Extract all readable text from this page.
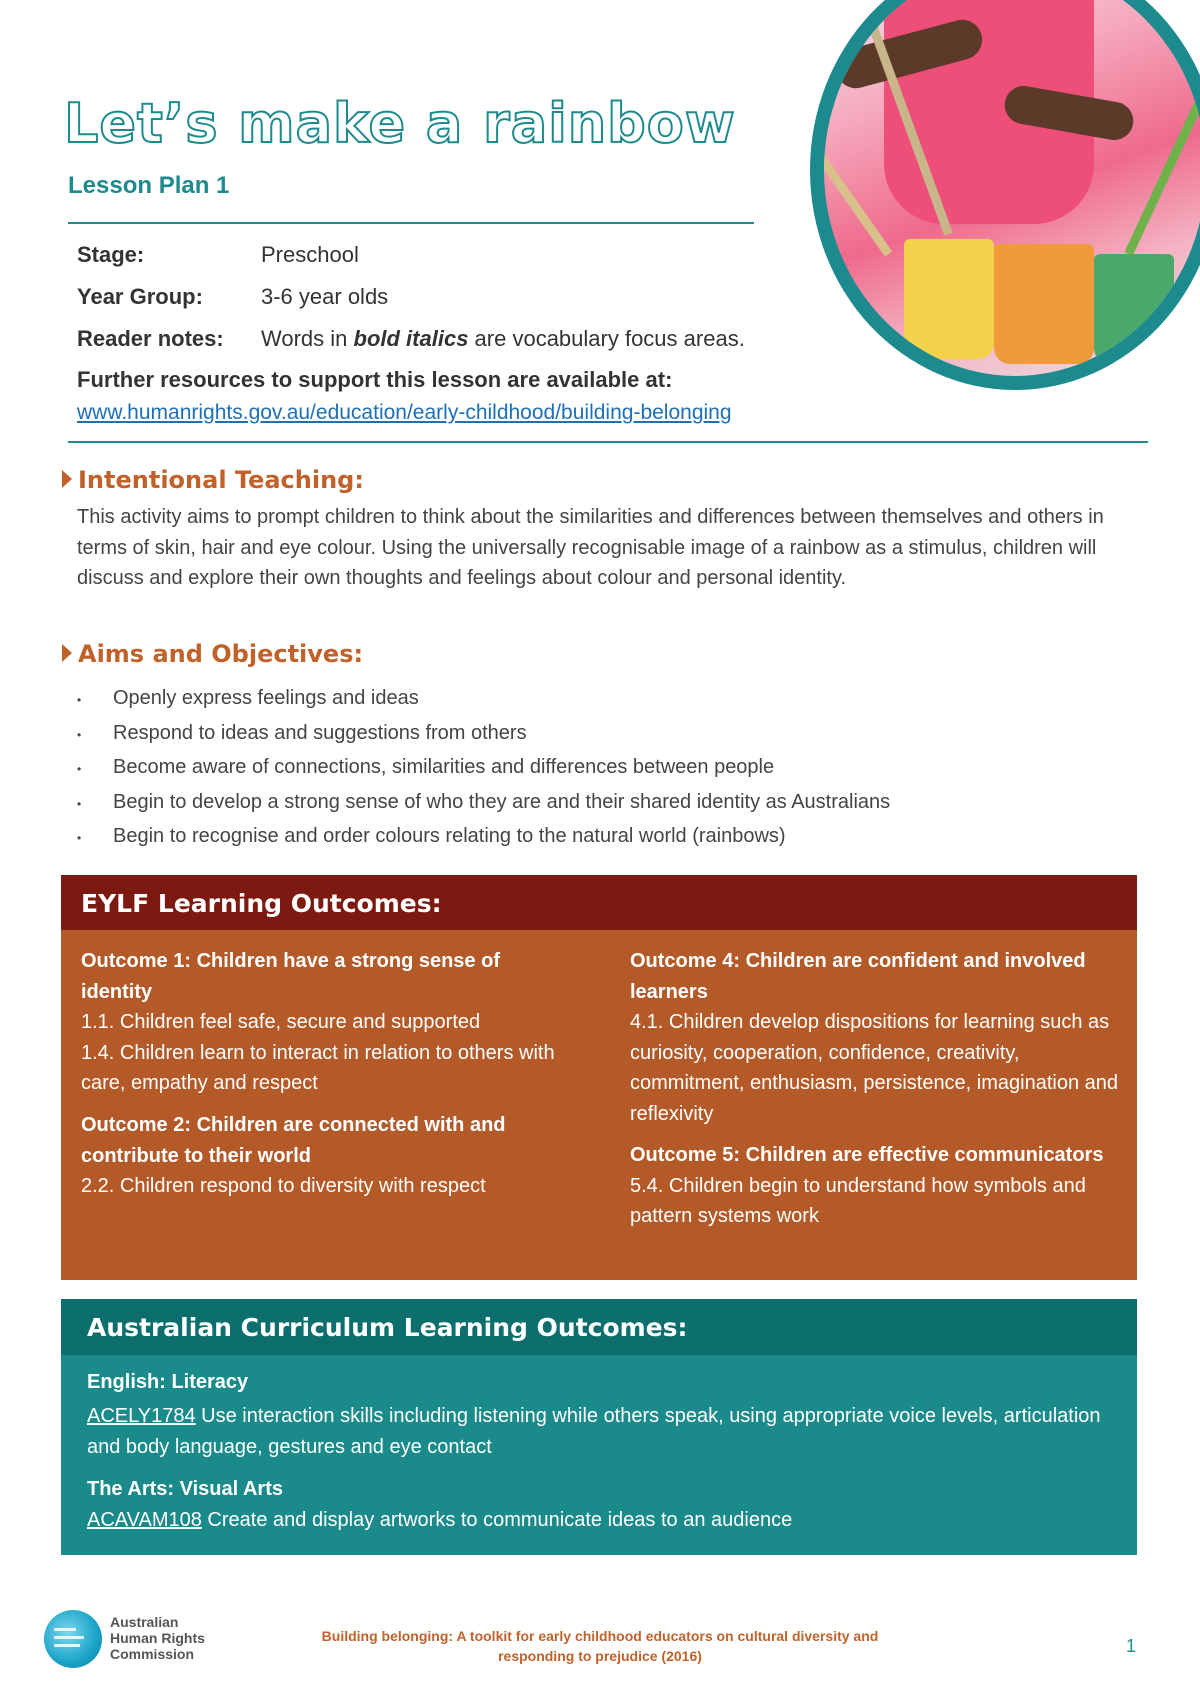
Let’s make a rainbow
Lesson Plan 1
Stage:	Preschool
Year Group:	3-6 year olds
Reader notes: Words in bold italics are vocabulary focus areas.
Further resources to support this lesson are available at:
www.humanrights.gov.au/education/early-childhood/building-belonging
Intentional Teaching:
This activity aims to prompt children to think about the similarities and differences between themselves and others in terms of skin, hair and eye colour. Using the universally recognisable image of a rainbow as a stimulus, children will discuss and explore their own thoughts and feelings about colour and personal identity.
Aims and Objectives:
• Openly express feelings and ideas
• Respond to ideas and suggestions from others
• Become aware of connections, similarities and differences between people
• Begin to develop a strong sense of who they are and their shared identity as Australians
• Begin to recognise and order colours relating to the natural world (rainbows)
EYLF Learning Outcomes:
Outcome 1: Children have a strong sense of identity
1.1. Children feel safe, secure and supported
1.4. Children learn to interact in relation to others with care, empathy and respect
Outcome 2: Children are connected with and contribute to their world
2.2. Children respond to diversity with respect
Outcome 4: Children are confident and involved learners
4.1. Children develop dispositions for learning such as curiosity, cooperation, confidence, creativity, commitment, enthusiasm, persistence, imagination and reflexivity
Outcome 5: Children are effective communicators
5.4. Children begin to understand how symbols and pattern systems work
Australian Curriculum Learning Outcomes:
English: Literacy
ACELY1784 Use interaction skills including listening while others speak, using appropriate voice levels, articulation and body language, gestures and eye contact
The Arts: Visual Arts
ACAVAM108 Create and display artworks to communicate ideas to an audience
Australian
Human Rights
Commission
Building belonging: A toolkit for early childhood educators on cultural diversity and
responding to prejudice (2016)	1
